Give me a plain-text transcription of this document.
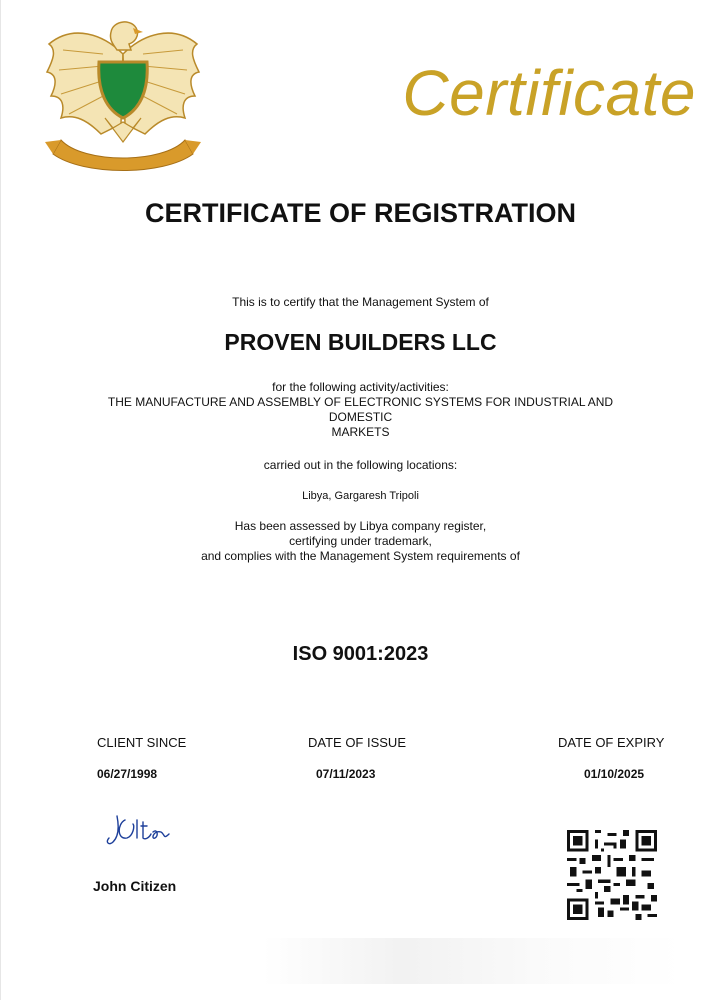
Certificate
CERTIFICATE OF REGISTRATION
This is to certify that the Management System of
PROVEN BUILDERS LLC
for the following activity/activities:
THE MANUFACTURE AND ASSEMBLY OF ELECTRONIC SYSTEMS FOR INDUSTRIAL AND
DOMESTIC
MARKETS
carried out in the following locations:
Libya, Gargaresh Tripoli
Has been assessed by Libya company register,
certifying under trademark,
and complies with the Management System requirements of
ISO 9001:2023
CLIENT SINCE	DATE OF ISSUE	DATE OF EXPIRY
06/27/1998	07/11/2023	01/10/2025
John Citizen
